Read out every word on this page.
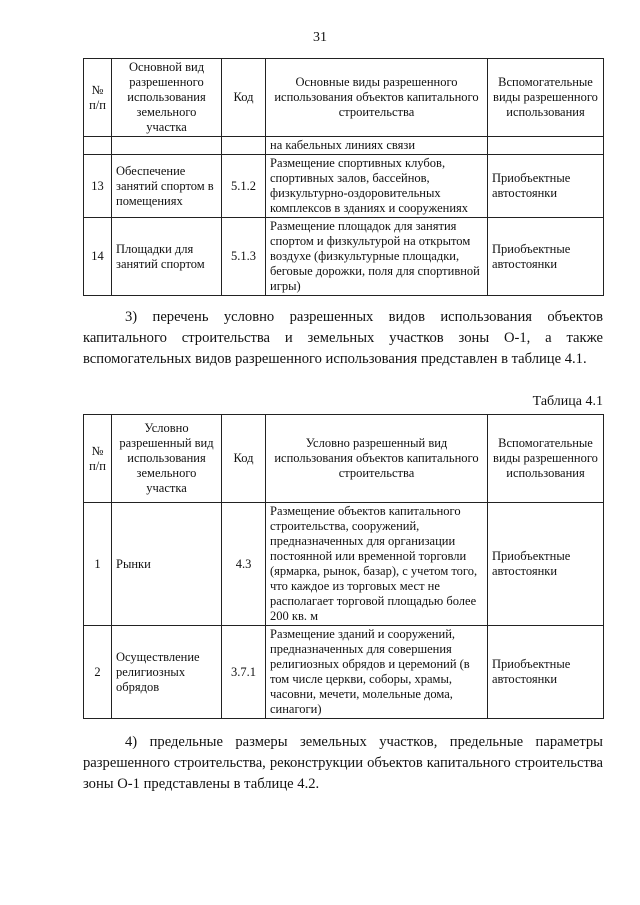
31
№ п/п	Основной вид разрешенного использования земельного участка	Код	Основные виды разрешенного использования объектов капитального строительства	Вспомогательные виды разрешенного использования
			на кабельных линиях связи	
13	Обеспечение занятий спортом в помещениях	5.1.2	Размещение спортивных клубов, спортивных залов, бассейнов, физкультурно-оздоровительных комплексов в зданиях и сооружениях	Приобъектные автостоянки
14	Площадки для занятий спортом	5.1.3	Размещение площадок для занятия спортом и физкультурой на открытом воздухе (физкультурные площадки, беговые дорожки, поля для спортивной игры)	Приобъектные автостоянки
3) перечень условно разрешенных видов использования объектов капитального строительства и земельных участков зоны О-1, а также вспомогательных видов разрешенного использования представлен в таблице 4.1.
Таблица 4.1
№ п/п	Условно разрешенный вид использования земельного участка	Код	Условно разрешенный вид использования объектов капитального строительства	Вспомогательные виды разрешенного использования
1	Рынки	4.3	Размещение объектов капитального строительства, сооружений, предназначенных для организации постоянной или временной торговли (ярмарка, рынок, базар), с учетом того, что каждое из торговых мест не располагает торговой площадью более 200 кв. м	Приобъектные автостоянки
2	Осуществление религиозных обрядов	3.7.1	Размещение зданий и сооружений, предназначенных для совершения религиозных обрядов и церемоний (в том числе церкви, соборы, храмы, часовни, мечети, молельные дома, синагоги)	Приобъектные автостоянки
4) предельные размеры земельных участков, предельные параметры разрешенного строительства, реконструкции объектов капитального строительства зоны О-1 представлены в таблице 4.2.
